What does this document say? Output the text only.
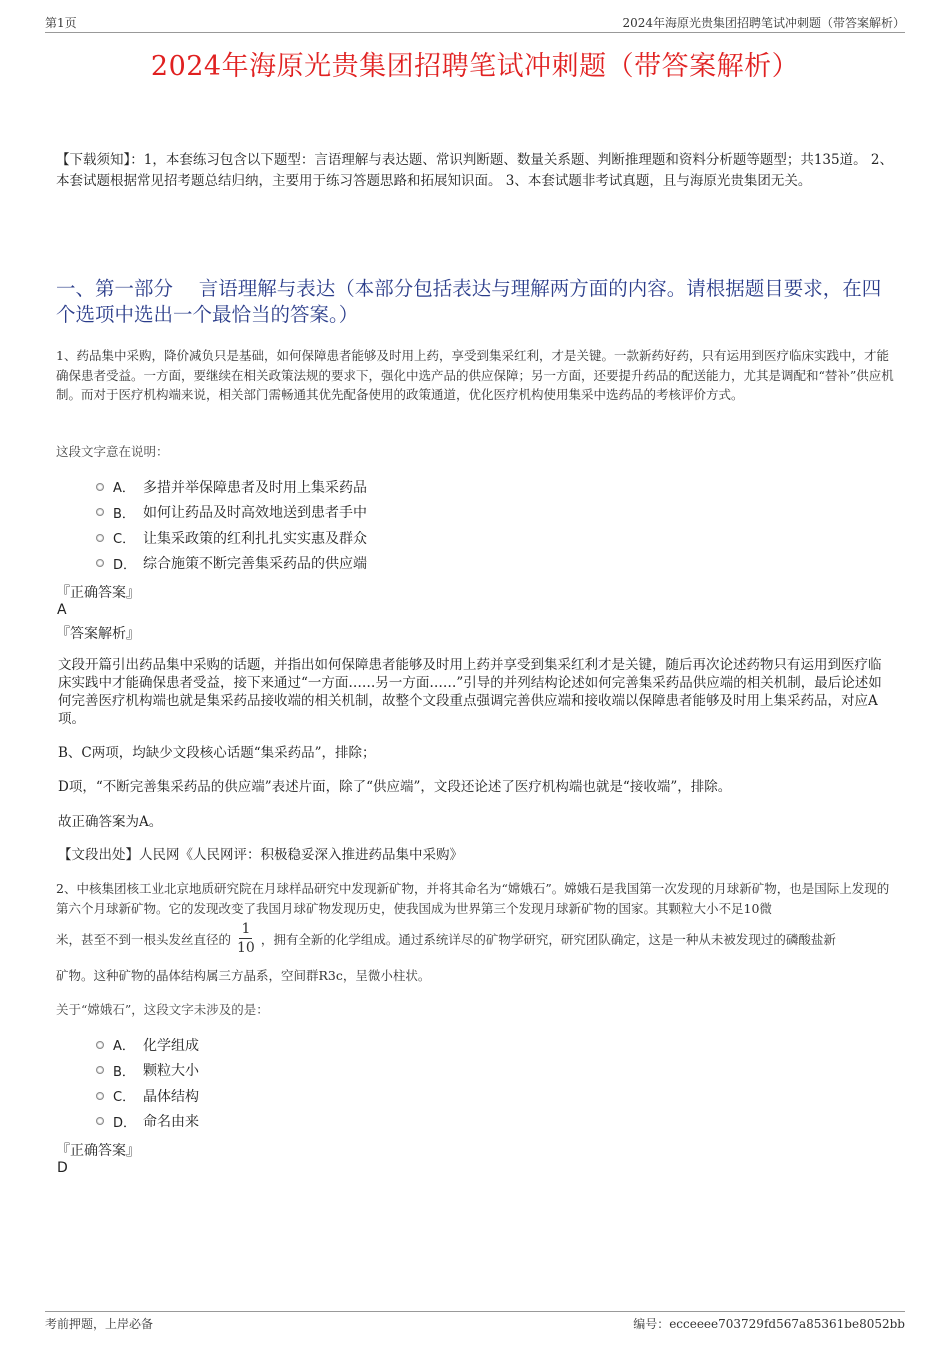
第1页	2024年海原光贵集团招聘笔试冲刺题（带答案解析）
2024年海原光贵集团招聘笔试冲刺题（带答案解析）
【下载须知】：1，本套练习包含以下题型：言语理解与表达题、常识判断题、数量关系题、判断推理题和资料分析题等题型；共135道。 2、本套试题根据常见招考题总结归纳，主要用于练习答题思路和拓展知识面。 3、本套试题非考试真题，且与海原光贵集团无关。
一、第一部分　 言语理解与表达（本部分包括表达与理解两方面的内容。请根据题目要求，在四个选项中选出一个最恰当的答案。）
1、药品集中采购，降价减负只是基础，如何保障患者能够及时用上药，享受到集采红利，才是关键。一款新药好药，只有运用到医疗临床实践中，才能确保患者受益。一方面，要继续在相关政策法规的要求下，强化中选产品的供应保障；另一方面，还要提升药品的配送能力，尤其是调配和“替补”供应机制。而对于医疗机构端来说，相关部门需畅通其优先配备使用的政策通道，优化医疗机构使用集采中选药品的考核评价方式。
这段文字意在说明：
A． 多措并举保障患者及时用上集采药品
B． 如何让药品及时高效地送到患者手中
C． 让集采政策的红利扎扎实实惠及群众
D． 综合施策不断完善集采药品的供应端
『正确答案』
A
『答案解析』
文段开篇引出药品集中采购的话题，并指出如何保障患者能够及时用上药并享受到集采红利才是关键，随后再次论述药物只有运用到医疗临床实践中才能确保患者受益，接下来通过“一方面……另一方面……”引导的并列结构论述如何完善集采药品供应端的相关机制，最后论述如何完善医疗机构端也就是集采药品接收端的相关机制，故整个文段重点强调完善供应端和接收端以保障患者能够及时用上集采药品，对应A项。
B、C两项，均缺少文段核心话题“集采药品”，排除；
D项，“不断完善集采药品的供应端”表述片面，除了“供应端”，文段还论述了医疗机构端也就是“接收端”，排除。
故正确答案为A。
【文段出处】人民网《人民网评：积极稳妥深入推进药品集中采购》
2、中核集团核工业北京地质研究院在月球样品研究中发现新矿物，并将其命名为“嫦娥石”。嫦娥石是我国第一次发现的月球新矿物，也是国际上发现的第六个月球新矿物。它的发现改变了我国月球矿物发现历史，使我国成为世界第三个发现月球新矿物的国家。其颗粒大小不足10微
米，甚至不到一根头发丝直径的 $\frac{1}{10}$ ，拥有全新的化学组成。通过系统详尽的矿物学研究，研究团队确定，这是一种从未被发现过的磷酸盐新
矿物。这种矿物的晶体结构属三方晶系，空间群R3c，呈微小柱状。
关于“嫦娥石”，这段文字未涉及的是：
A． 化学组成
B． 颗粒大小
C． 晶体结构
D． 命名由来
『正确答案』
D
考前押题，上岸必备	编号：ecceeee703729fd567a85361be8052bb
